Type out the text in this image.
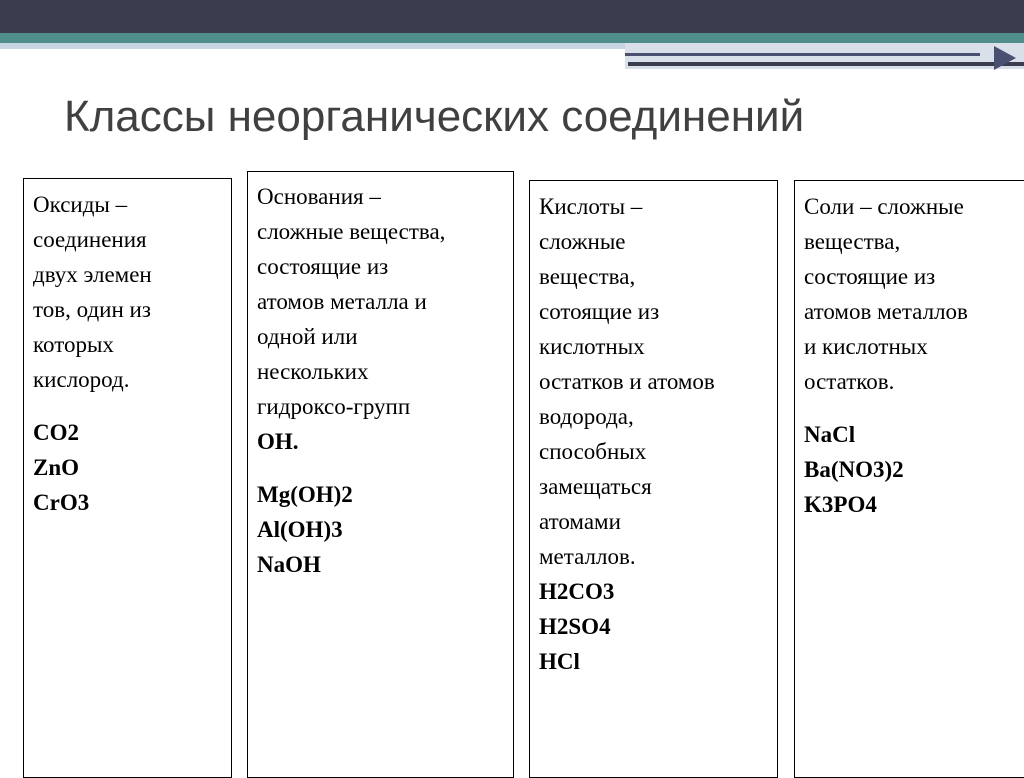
Классы неорганических соединений
Оксиды –
соединения
двух элемен
тов, один из
которых
кислород.
CO2
ZnO
CrO3
Основания –
сложные вещества,
состоящие из
атомов металла и
одной или
нескольких
гидроксо-групп
ОН.
Mg(OH)2
Al(OH)3
NaOH
Кислоты –
сложные
вещества,
сотоящие из
кислотных
остатков и атомов
водорода,
способных
замещаться
атомами
металлов.
H2CO3
H2SO4
HCl
Соли – сложные
вещества,
состоящие из
атомов металлов
и кислотных
остатков.
NaCl
Ba(NO3)2
K3PO4
